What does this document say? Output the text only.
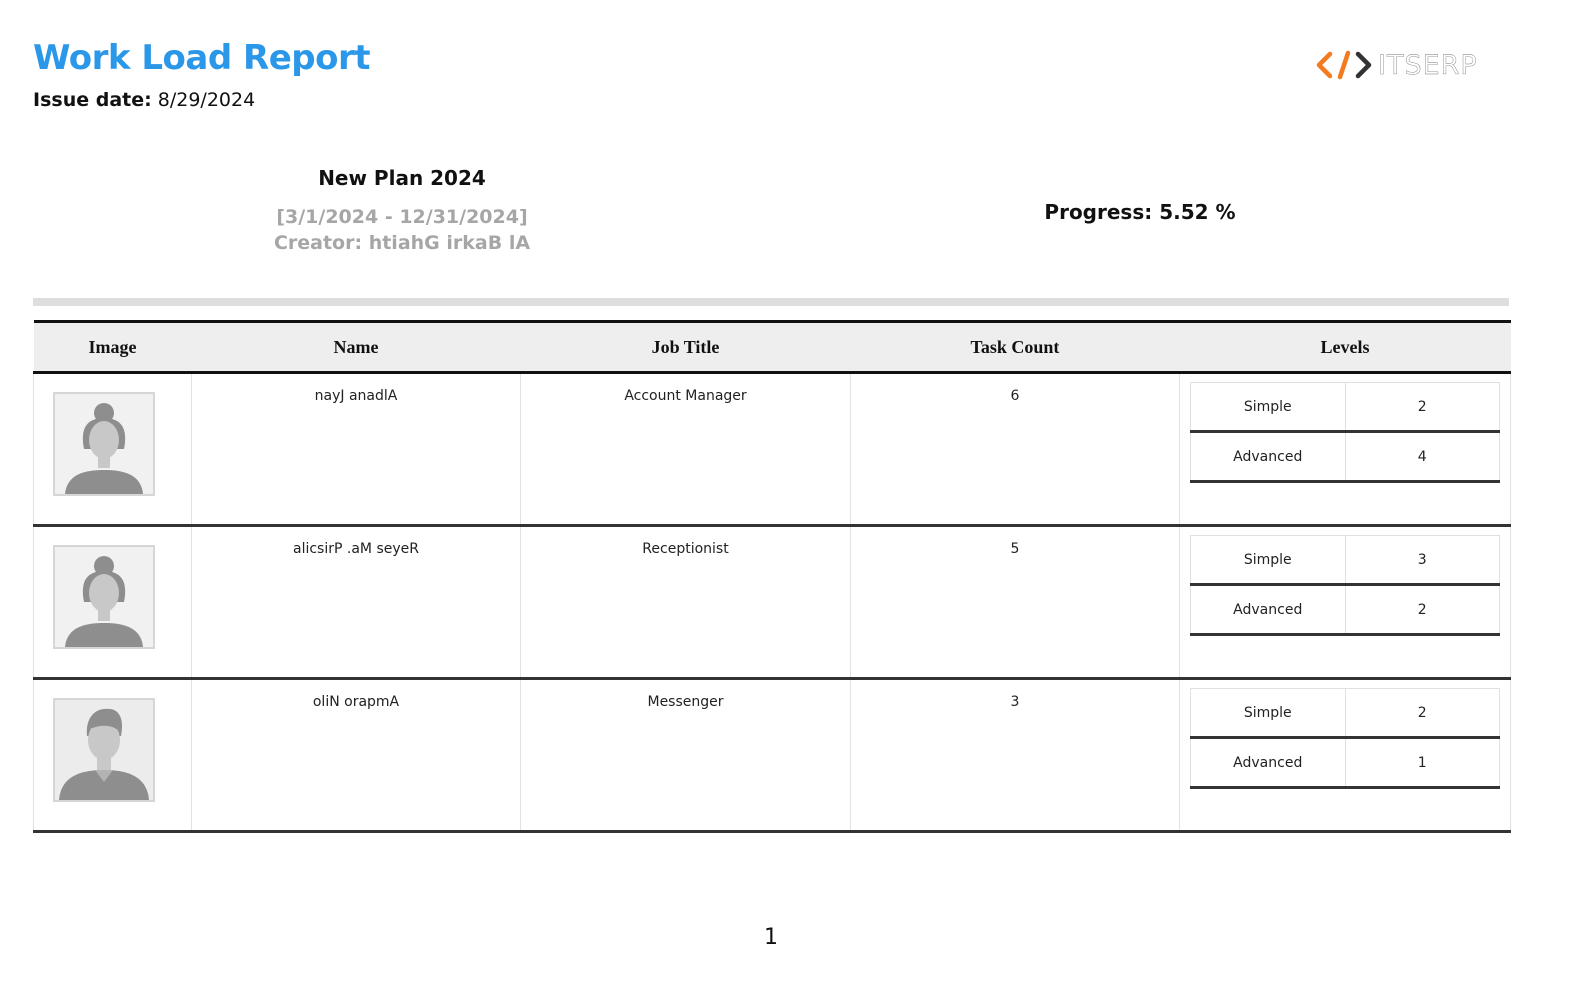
Work Load Report
Issue date: 8/29/2024
ITSERP
New Plan 2024
[3/1/2024 - 12/31/2024]
Creator: htiahG irkaB lA
Progress: 5.52 %
Image	Name	Job Title	Task Count	Levels

	nayJ anadlA	Account Manager	6	
Simple	2
Advanced	4

	alicsirP .aM seyeR	Receptionist	5	
Simple	3
Advanced	2

	oliN orapmA	Messenger	3	
Simple	2
Advanced	1
1
